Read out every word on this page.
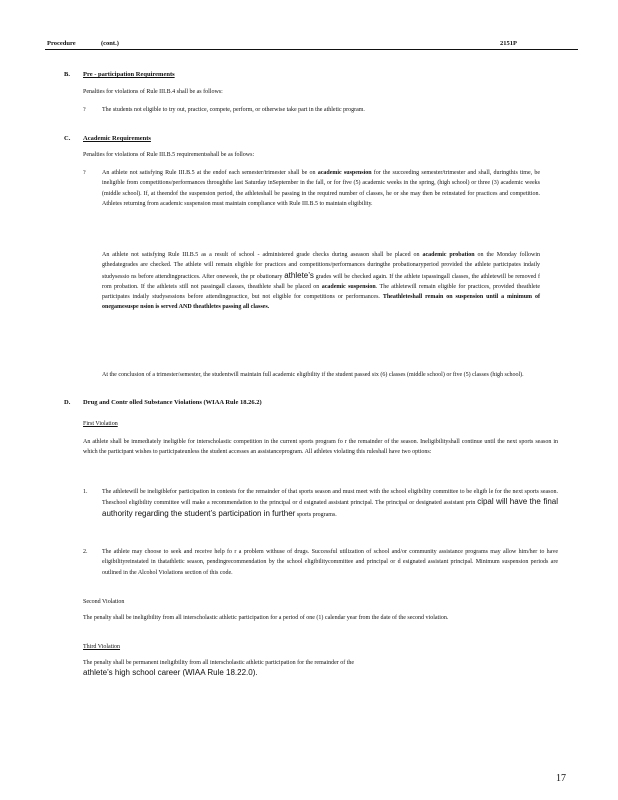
Procedure	(cont.)	2151P
B. Pre - participation Requirements
Penalties for violations of Rule III.B.4 shall be as follows:
?	The students not eligible to try out, practice, compete, perform, or otherwise take part in the athletic program.
C. Academic Requirements
Penalties for violations of Rule III.B.5 requirementsshall be as follows:
?	An athlete not satisfying Rule III.B.5 at the endof each semester/trimester shall be on academic suspension for the succeeding semester/trimester and shall, duringthis time, be ineligible from competitions/performances throughthe last Saturday inSeptember in the fall, or for five (5) academic weeks in the spring, (high school) or three (3) academic weeks (middle school). If, at theendof the suspension period, the athleteshall be passing in the required number of classes, he or she may then be reinstated for practices and competition. Athletes returning from academic suspension must maintain compliance with Rule III.B.5 to maintain eligibility.
An athlete not satisfying Rule III.B.5 as a result of school - administered grade checks during aseason shall be placed on academic probation on the Monday followin gthedategrades are checked. The athlete will remain eligible for practices and competitions/performances duringthe probationaryperiod provided the athlete participates indaily studysessio ns before attendingpractices. After oneweek, the pr obationary athlete’s grades will be checked again. If the athlete ispassingall classes, the athletewill be removed f rom probation. If the athleteis still not passingall classes, theathlete shall be placed on academic suspension. The athletewill remain eligible for practices, provided theathlete participates indaily studysessions before attendingpractice, but not eligible for competitions or performances. Theathleteshall remain on suspension until a minimum of onegamesuspe nsion is served AND theathletes passing all classes.
At the conclusion of a trimester/semester, the studentwill maintain full academic eligibility if the student passed six (6) classes (middle school) or five (5) classes (high school).
D. Drug and Contr olled Substance Violations (WIAA Rule 18.26.2)
First Violation
An athlete shall be immediately ineligible for interscholastic competition in the current sports program fo r the remainder of the season. Ineligibilityshall continue until the next sports season in which the participant wishes to participateunless the student accesses an assistanceprogram. All athletes violating this ruleshall have two options:
1. The athletewill be ineligiblefor participation in contests for the remainder of that sports season and must meet with the school eligibility committee to be eligib le for the next sports season. Theschool eligibility committee will make a recommendation to the principal or d esignated assistant principal. The principal or designated assistant prin cipal will have the final authority regarding the student’s participation in further sports programs.
2. The athlete may choose to seek and receive help fo r a problem withuse of drugs. Successful utilization of school and/or community assistance programs may allow him/her to have eligibilityreinstated in thatathletic season, pendingrecommendation by the school eligibilitycommittee and principal or d esignated assistant principal. Minimum suspension periods are outlined in the Alcohol Violations section of this code.
Second Violation
The penalty shall be ineligibility from all interscholastic athletic participation for a period of one (1) calendar year from the date of the second violation.
Third Violation
The penalty shall be permanent ineligibility from all interscholastic athletic participation for the remainder of the
athlete’s high school career (WIAA Rule 18.22.0).
17
